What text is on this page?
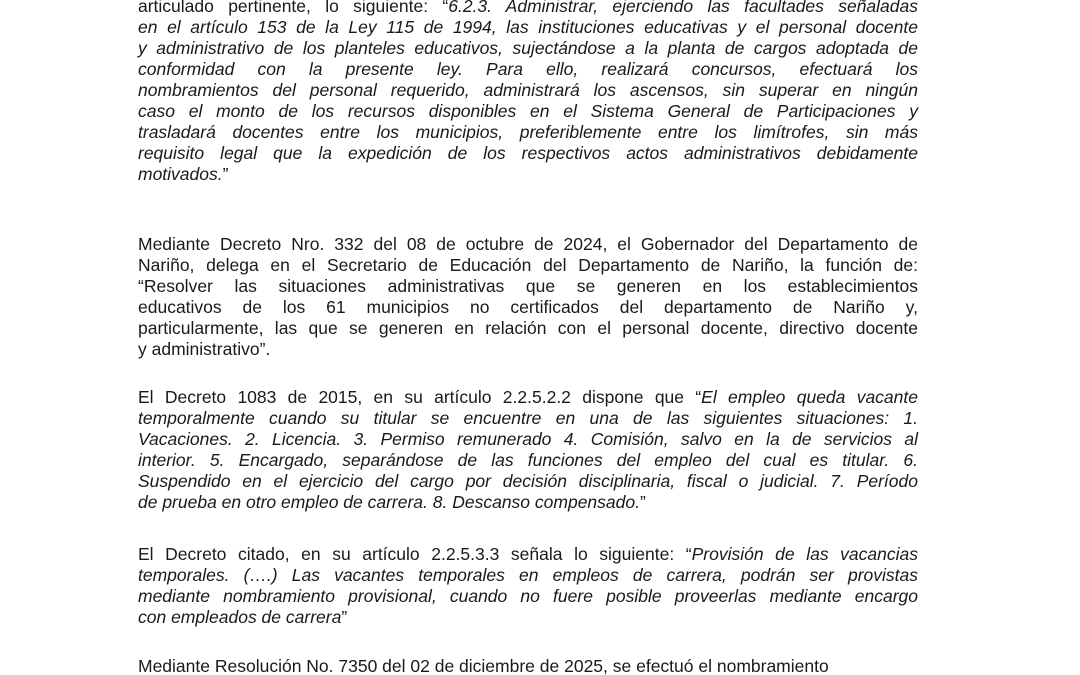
articulado pertinente, lo siguiente: “6.2.3. Administrar, ejerciendo las facultades señaladas
en el artículo 153 de la Ley 115 de 1994, las instituciones educativas y el personal docente
y administrativo de los planteles educativos, sujectándose a la planta de cargos adoptada de
conformidad con la presente ley. Para ello, realizará concursos, efectuará los
nombramientos del personal requerido, administrará los ascensos, sin superar en ningún
caso el monto de los recursos disponibles en el Sistema General de Participaciones y
trasladará docentes entre los municipios, preferiblemente entre los limítrofes, sin más
requisito legal que la expedición de los respectivos actos administrativos debidamente
motivados.”

Mediante Decreto Nro. 332 del 08 de octubre de 2024, el Gobernador del Departamento de
Nariño, delega en el Secretario de Educación del Departamento de Nariño, la función de:
“Resolver las situaciones administrativas que se generen en los establecimientos
educativos de los 61 municipios no certificados del departamento de Nariño y,
particularmente, las que se generen en relación con el personal docente, directivo docente
y administrativo”.

El Decreto 1083 de 2015, en su artículo 2.2.5.2.2 dispone que “El empleo queda vacante
temporalmente cuando su titular se encuentre en una de las siguientes situaciones: 1.
Vacaciones. 2. Licencia. 3. Permiso remunerado 4. Comisión, salvo en la de servicios al
interior. 5. Encargado, separándose de las funciones del empleo del cual es titular. 6.
Suspendido en el ejercicio del cargo por decisión disciplinaria, fiscal o judicial. 7. Período
de prueba en otro empleo de carrera. 8. Descanso compensado.”

El Decreto citado, en su artículo 2.2.5.3.3 señala lo siguiente: “Provisión de las vacancias
temporales. (….) Las vacantes temporales en empleos de carrera, podrán ser provistas
mediante nombramiento provisional, cuando no fuere posible proveerlas mediante encargo
con empleados de carrera”

Mediante Resolución No. 7350 del 02 de diciembre de 2025, se efectuó el nombramiento
